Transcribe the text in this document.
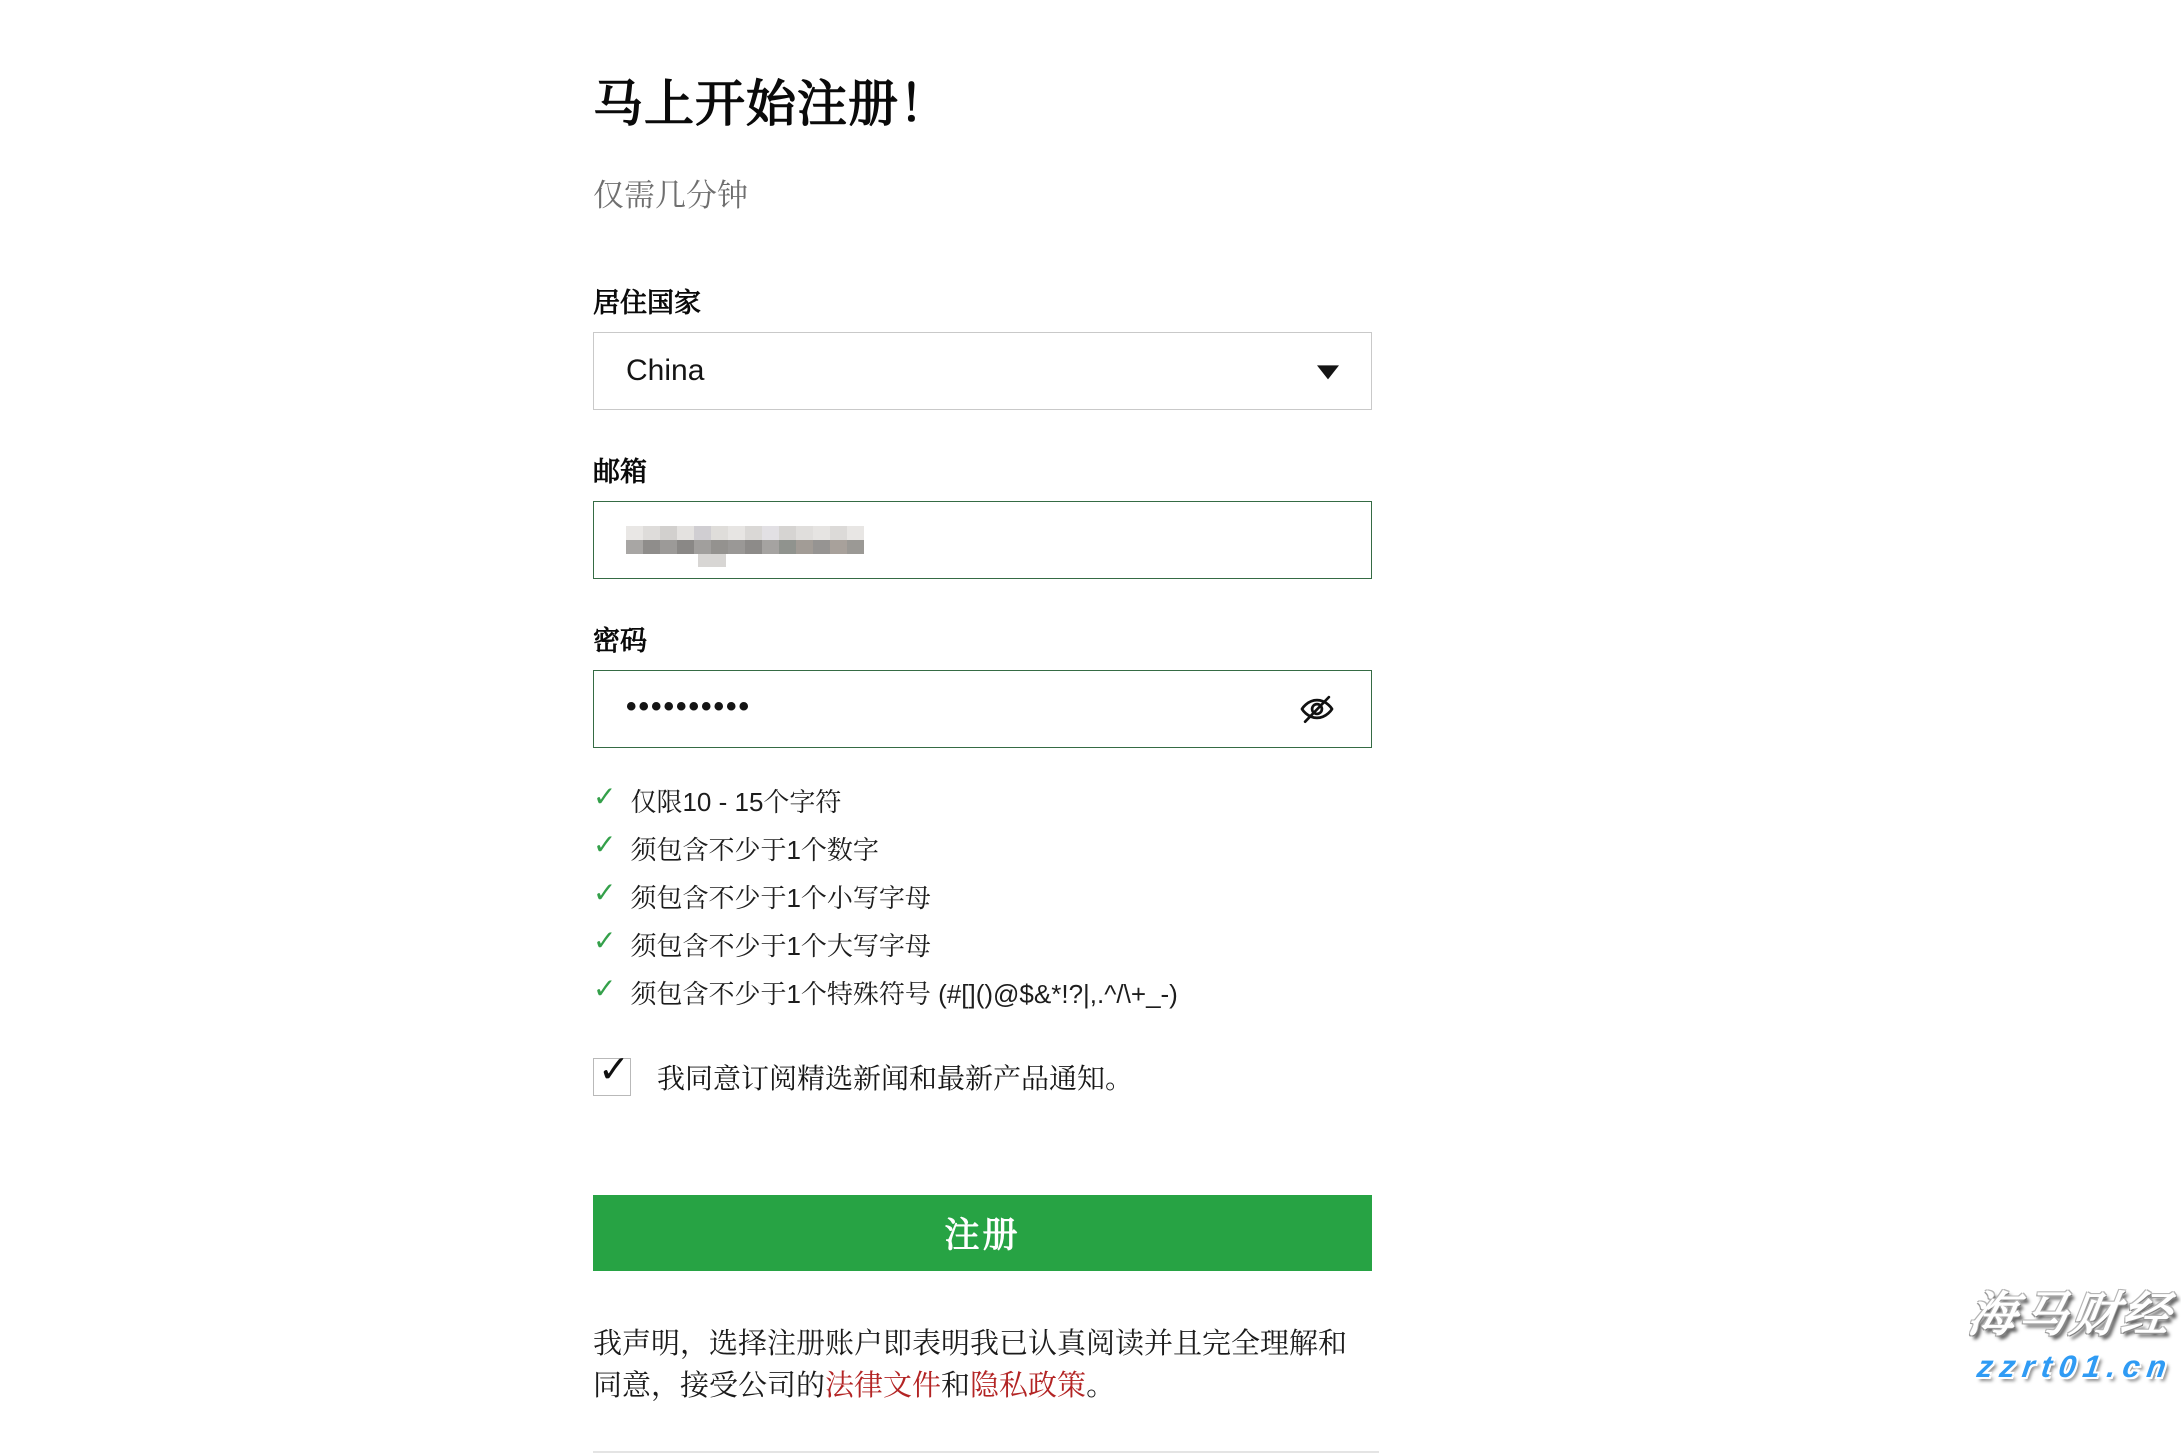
马上开始注册！
仅需几分钟
居住国家
China
邮箱
密码
••••••••••
✓ 仅限10 - 15个字符
✓ 须包含不少于1个数字
✓ 须包含不少于1个小写字母
✓ 须包含不少于1个大写字母
✓ 须包含不少于1个特殊符号 (#[]()@$&*!?|,.^/\+_-)
✓ 我同意订阅精选新闻和最新产品通知。
注册

我声明，选择注册账户即表明我已认真阅读并且完全理解和同意，接受公司的法律文件和隐私政策。

海马财经
zzrt01.cn
